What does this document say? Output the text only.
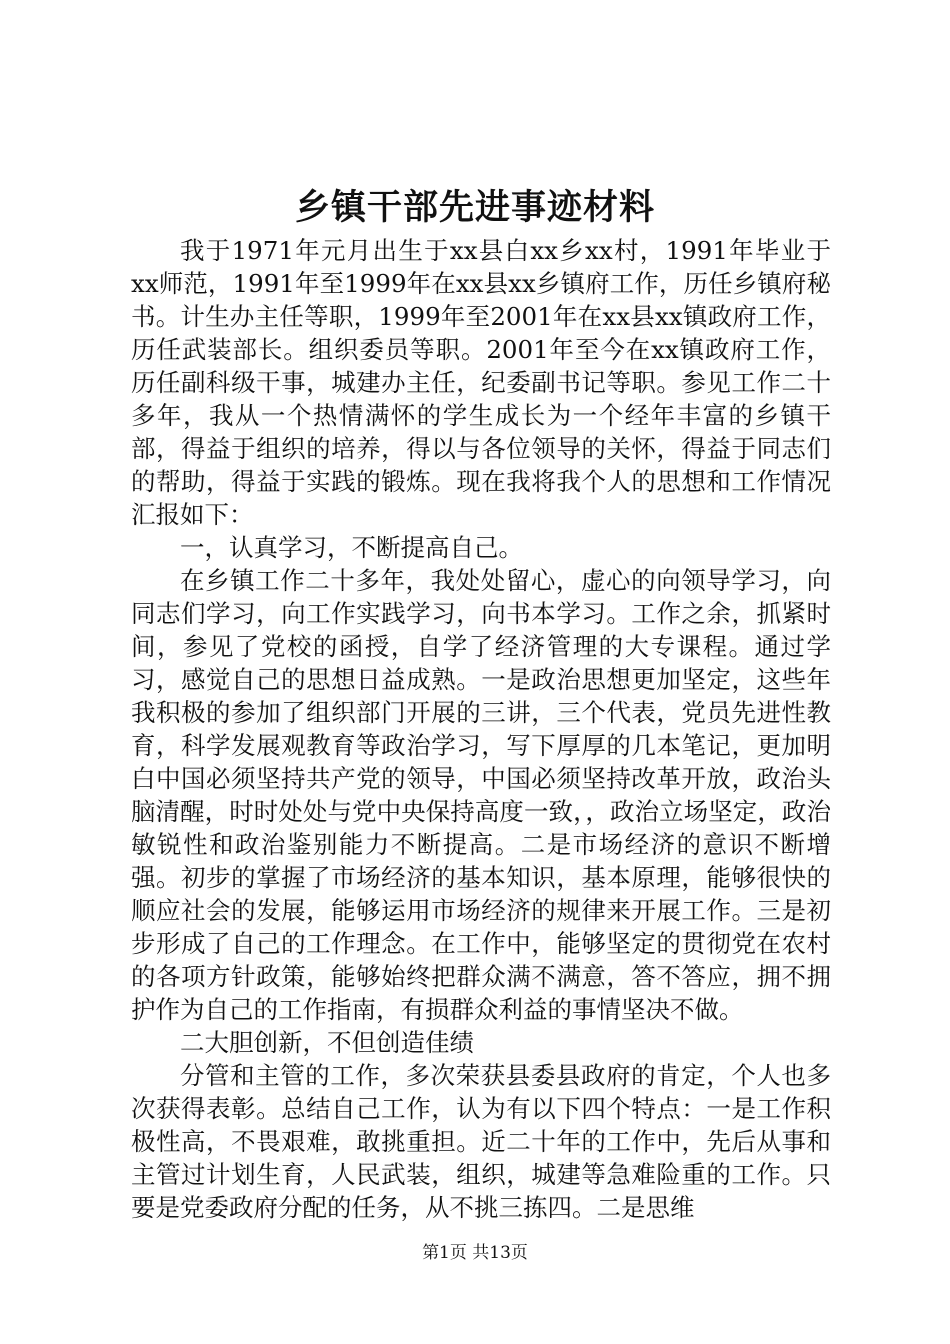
乡镇干部先进事迹材料

我于1971年元月出生于xx县白xx乡xx村，1991年毕业于xx师范，1991年至1999年在xx县xx乡镇府工作，历任乡镇府秘书。计生办主任等职，1999年至2001年在xx县xx镇政府工作，历任武装部长。组织委员等职。2001年至今在xx镇政府工作，历任副科级干事，城建办主任，纪委副书记等职。参见工作二十多年，我从一个热情满怀的学生成长为一个经年丰富的乡镇干部，得益于组织的培养，得以与各位领导的关怀，得益于同志们的帮助，得益于实践的锻炼。现在我将我个人的思想和工作情况汇报如下：

一，认真学习，不断提高自己。

在乡镇工作二十多年，我处处留心，虚心的向领导学习，向同志们学习，向工作实践学习，向书本学习。工作之余，抓紧时间，参见了党校的函授，自学了经济管理的大专课程。通过学习，感觉自己的思想日益成熟。一是政治思想更加坚定，这些年我积极的参加了组织部门开展的三讲，三个代表，党员先进性教育，科学发展观教育等政治学习，写下厚厚的几本笔记，更加明白中国必须坚持共产党的领导，中国必须坚持改革开放，政治头脑清醒，时时处处与党中央保持高度一致，，政治立场坚定，政治敏锐性和政治鉴别能力不断提高。二是市场经济的意识不断增强。初步的掌握了市场经济的基本知识，基本原理，能够很快的顺应社会的发展，能够运用市场经济的规律来开展工作。三是初步形成了自己的工作理念。在工作中，能够坚定的贯彻党在农村的各项方针政策，能够始终把群众满不满意，答不答应，拥不拥护作为自己的工作指南，有损群众利益的事情坚决不做。

二大胆创新，不但创造佳绩

分管和主管的工作，多次荣获县委县政府的肯定，个人也多次获得表彰。总结自己工作，认为有以下四个特点：一是工作积极性高，不畏艰难，敢挑重担。近二十年的工作中，先后从事和主管过计划生育，人民武装，组织，城建等急难险重的工作。只要是党委政府分配的任务，从不挑三拣四。二是思维

第1页 共13页
